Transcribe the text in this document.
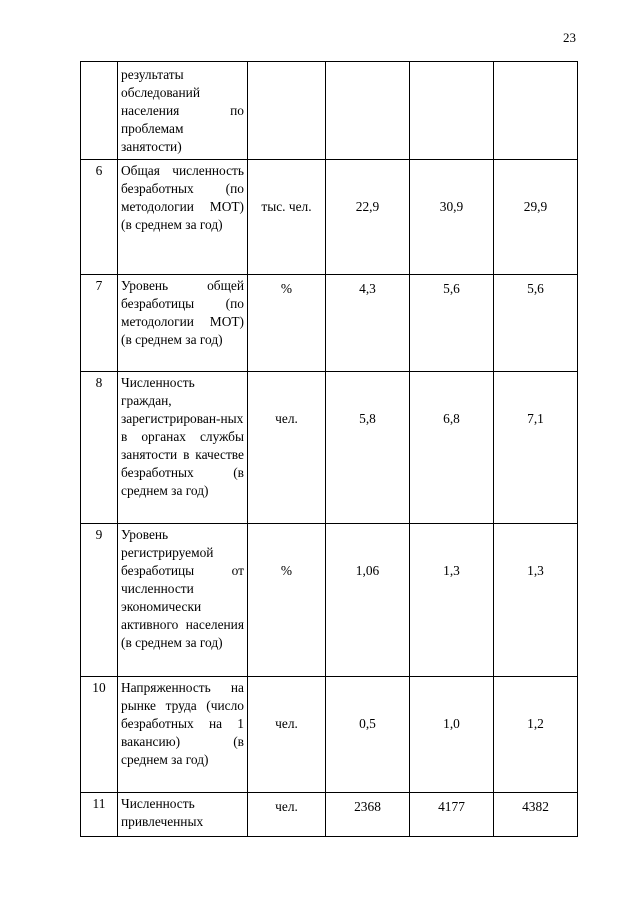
23
	результаты обследований населения по проблемам занятости)				
6	Общая численность безработных (по методологии МОТ) (в среднем за год)	тыс. чел.	22,9	30,9	29,9

7	Уровень общей безработицы (по методологии МОТ) (в среднем за год)	%	4,3	5,6	5,6

8	Численность граждан, зарегистрирован-ных в органах службы занятости в качестве безработных (в среднем за год)	чел.	5,8	6,8	7,1

9	Уровень регистрируемой безработицы от численности экономически активного населения (в среднем за год)	%	1,06	1,3	1,3

10	Напряженность на рынке труда (число безработных на 1 вакансию) (в среднем за год)	чел.	0,5	1,0	1,2

11	Численность привлеченных	чел.	2368	4177	4382
